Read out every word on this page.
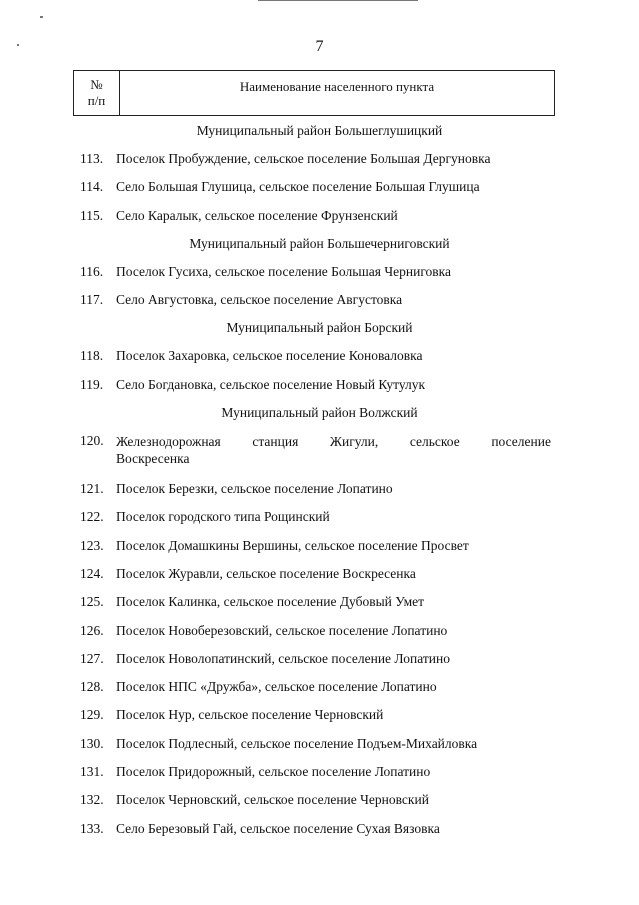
7
№
п/п
Наименование населенного пункта
Муниципальный район Большеглушицкий
113. Поселок Пробуждение, сельское поселение Большая Дергуновка
114. Село Большая Глушица, сельское поселение Большая Глушица
115. Село Каралык, сельское поселение Фрунзенский
Муниципальный район Большечерниговский
116. Поселок Гусиха, сельское поселение Большая Черниговка
117. Село Августовка, сельское поселение Августовка
Муниципальный район Борский
118. Поселок Захаровка, сельское поселение Коноваловка
119. Село Богдановка, сельское поселение Новый Кутулук
Муниципальный район Волжский
120. Железнодорожная станция Жигули, сельское поселение
Воскресенка
121. Поселок Березки, сельское поселение Лопатино
122. Поселок городского типа Рощинский
123. Поселок Домашкины Вершины, сельское поселение Просвет
124. Поселок Журавли, сельское поселение Воскресенка
125. Поселок Калинка, сельское поселение Дубовый Умет
126. Поселок Новоберезовский, сельское поселение Лопатино
127. Поселок Новолопатинский, сельское поселение Лопатино
128. Поселок НПС «Дружба», сельское поселение Лопатино
129. Поселок Нур, сельское поселение Черновский
130. Поселок Подлесный, сельское поселение Подъем-Михайловка
131. Поселок Придорожный, сельское поселение Лопатино
132. Поселок Черновский, сельское поселение Черновский
133. Село Березовый Гай, сельское поселение Сухая Вязовка
